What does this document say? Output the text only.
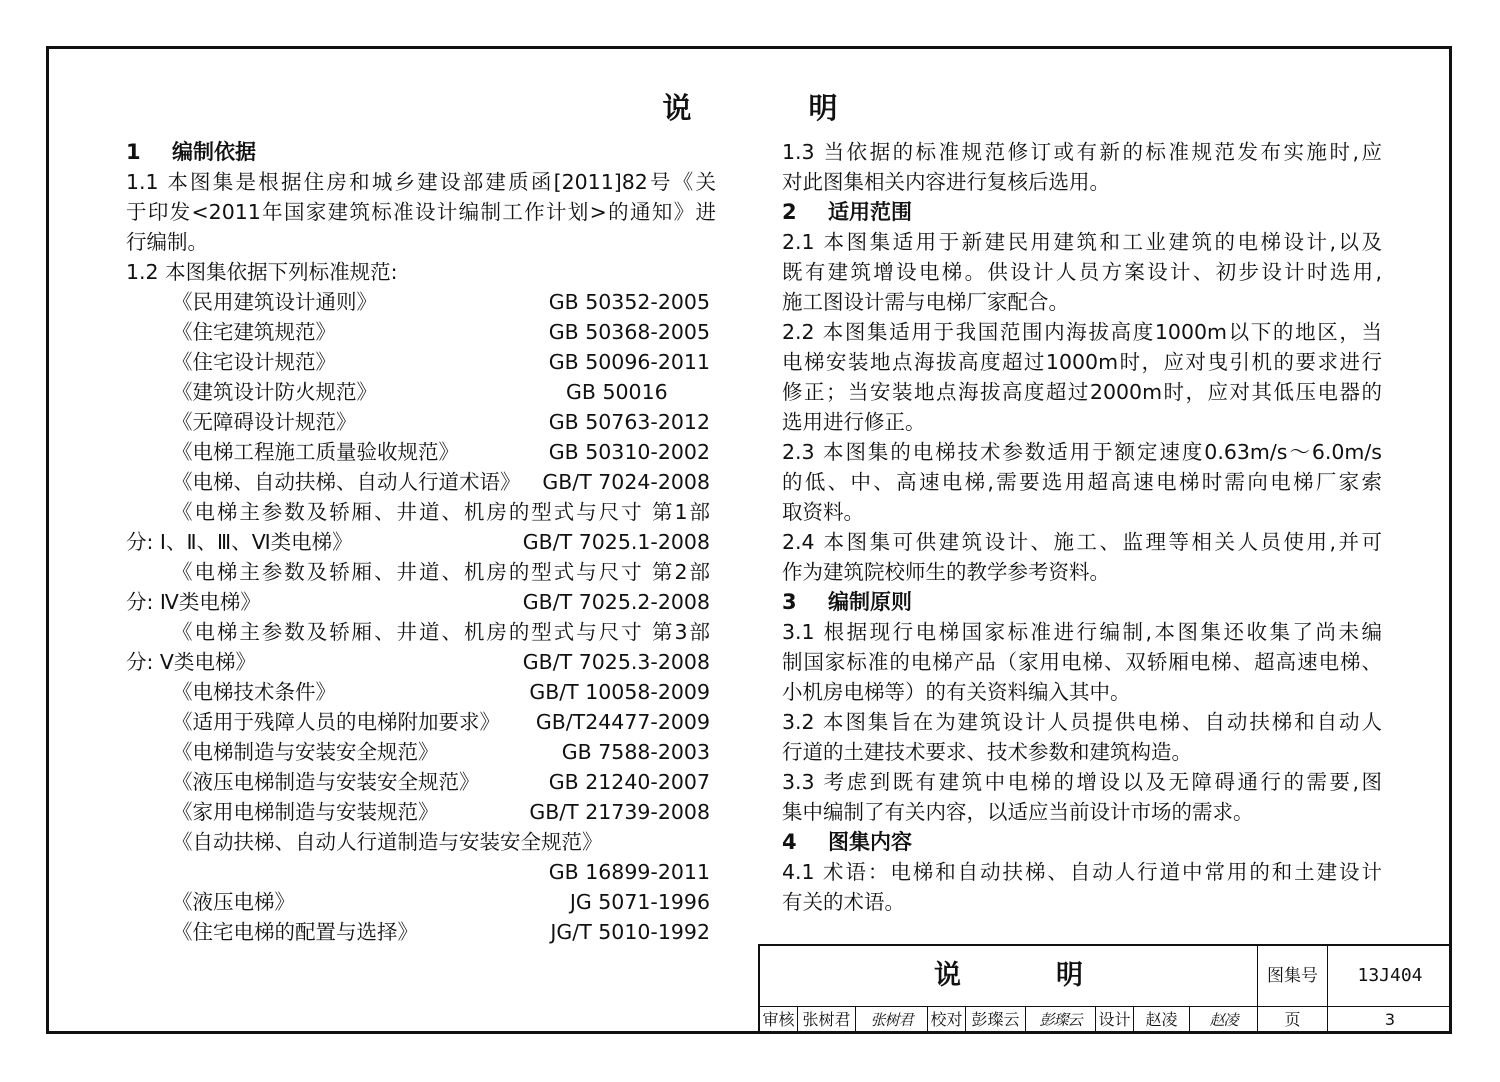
说　明
1 编制依据
1.1 本图集是根据住房和城乡建设部建质函[2011]82号《关
于印发<2011年国家建筑标准设计编制工作计划>的通知》进
行编制。
1.2 本图集依据下列标准规范:
《民用建筑设计通则》	GB 50352-2005
《住宅建筑规范》	GB 50368-2005
《住宅设计规范》	GB 50096-2011
《建筑设计防火规范》	GB 50016
《无障碍设计规范》	GB 50763-2012
《电梯工程施工质量验收规范》	GB 50310-2002
《电梯、自动扶梯、自动人行道术语》 GB/T 7024-2008
《电梯主参数及轿厢、井道、机房的型式与尺寸 第1部
分: Ⅰ、Ⅱ、Ⅲ、Ⅵ类电梯》	GB/T 7025.1-2008
《电梯主参数及轿厢、井道、机房的型式与尺寸 第2部
分: Ⅳ类电梯》	GB/T 7025.2-2008
《电梯主参数及轿厢、井道、机房的型式与尺寸 第3部
分: Ⅴ类电梯》	GB/T 7025.3-2008
《电梯技术条件》	GB/T 10058-2009
《适用于残障人员的电梯附加要求》 GB/T24477-2009
《电梯制造与安装安全规范》	GB 7588-2003
《液压电梯制造与安装安全规范》	GB 21240-2007
《家用电梯制造与安装规范》	GB/T 21739-2008
《自动扶梯、自动人行道制造与安装安全规范》
GB 16899-2011
《液压电梯》	JG 5071-1996
《住宅电梯的配置与选择》	JG/T 5010-1992
1.3 当依据的标准规范修订或有新的标准规范发布实施时,应
对此图集相关内容进行复核后选用。
2 适用范围
2.1 本图集适用于新建民用建筑和工业建筑的电梯设计,以及
既有建筑增设电梯。供设计人员方案设计、初步设计时选用,
施工图设计需与电梯厂家配合。
2.2 本图集适用于我国范围内海拔高度1000m以下的地区，当
电梯安装地点海拔高度超过1000m时，应对曳引机的要求进行
修正；当安装地点海拔高度超过2000m时，应对其低压电器的
选用进行修正。
2.3 本图集的电梯技术参数适用于额定速度0.63m/s～6.0m/s
的低、中、高速电梯,需要选用超高速电梯时需向电梯厂家索
取资料。
2.4 本图集可供建筑设计、施工、监理等相关人员使用,并可
作为建筑院校师生的教学参考资料。
3 编制原则
3.1 根据现行电梯国家标准进行编制,本图集还收集了尚未编
制国家标准的电梯产品（家用电梯、双轿厢电梯、超高速电梯、
小机房电梯等）的有关资料编入其中。
3.2 本图集旨在为建筑设计人员提供电梯、自动扶梯和自动人
行道的土建技术要求、技术参数和建筑构造。
3.3 考虑到既有建筑中电梯的增设以及无障碍通行的需要,图
集中编制了有关内容，以适应当前设计市场的需求。
4 图集内容
4.1 术语：电梯和自动扶梯、自动人行道中常用的和土建设计
有关的术语。
说　明	图集号	13J404
审核 张树君	张树君	校对 彭璨云	彭璨云	设计 赵凌	赵凌	页	3
